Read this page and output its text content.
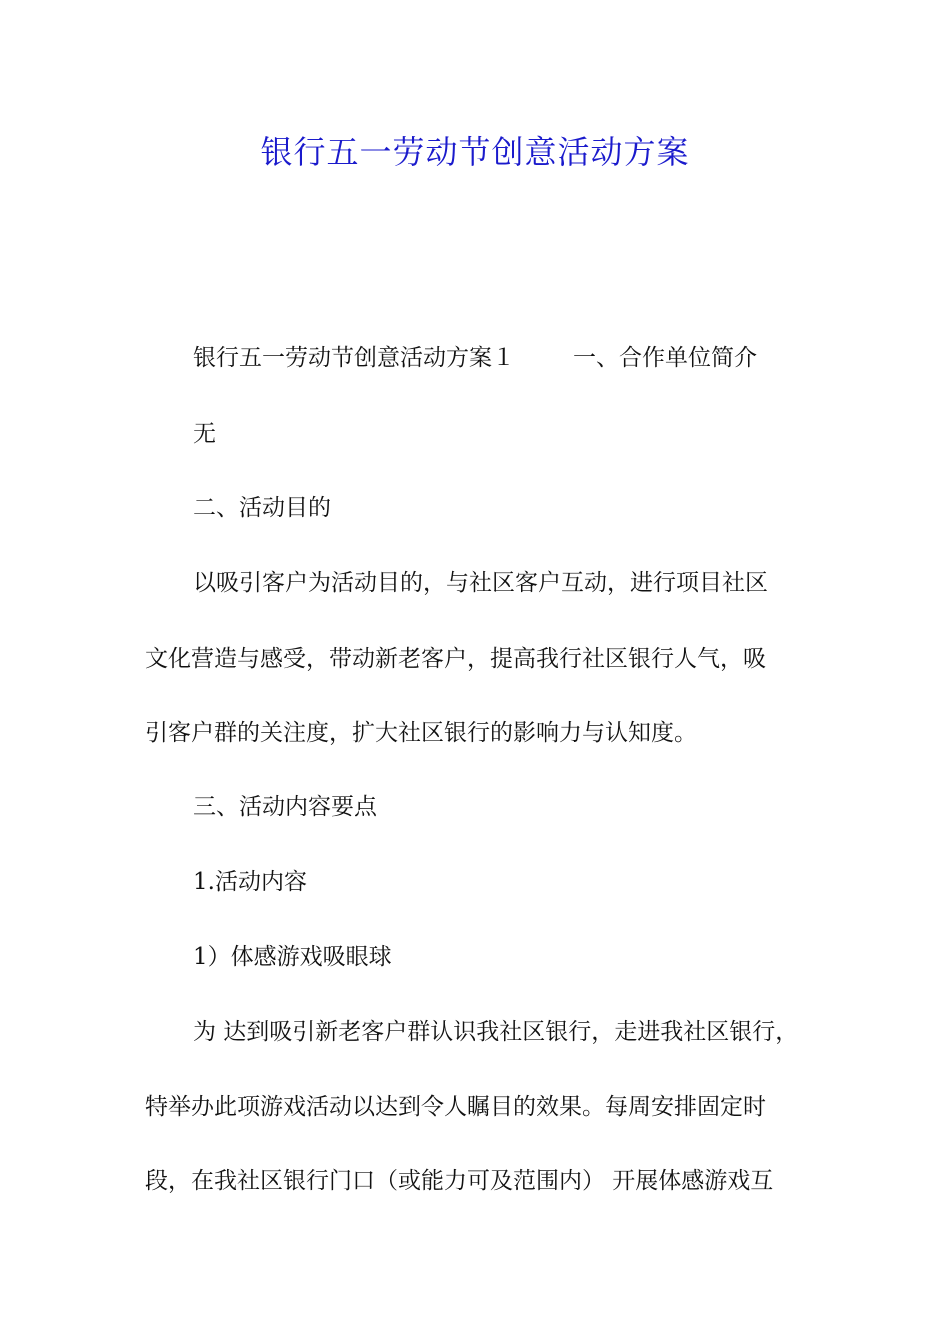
银行五一劳动节创意活动方案

银行五一劳动节创意活动方案１	一、合作单位简介

无

二、活动目的

以吸引客户为活动目的，与社区客户互动，进行项目社区

文化营造与感受，带动新老客户，提高我行社区银行人气，吸

引客户群的关注度，扩大社区银行的影响力与认知度。

三、活动内容要点

1.活动内容

1）体感游戏吸眼球

为 达到吸引新老客户群认识我社区银行，走进我社区银行，

特举办此项游戏活动以达到令人瞩目的效果。每周安排固定时

段，在我社区银行门口（或能力可及范围内） 开展体感游戏互
